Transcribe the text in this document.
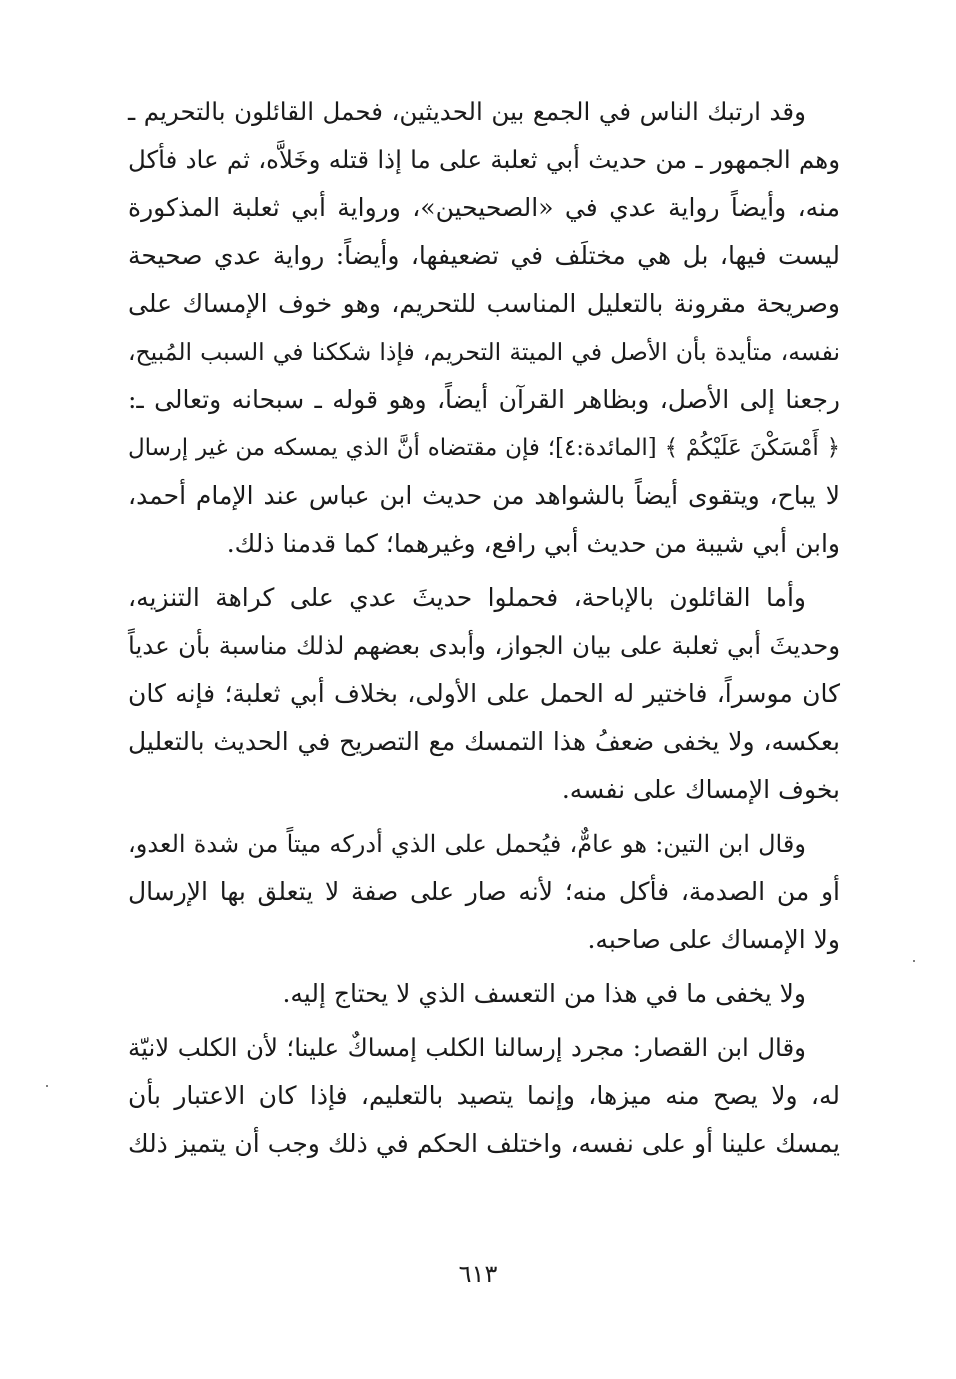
وقد ارتبك الناس في الجمع بين الحديثين، فحمل القائلون بالتحريم ـ
وهم الجمهور ـ من حديث أبي ثعلبة على ما إذا قتله وخَلاَّه، ثم عاد فأكل
منه، وأيضاً رواية عدي في «الصحيحين»، ورواية أبي ثعلبة المذكورة
ليست فيها، بل هي مختلَف في تضعيفها، وأيضاً: رواية عدي صحيحة
وصريحة مقرونة بالتعليل المناسب للتحريم، وهو خوف الإمساك على
نفسه، متأيدة بأن الأصل في الميتة التحريم، فإذا شككنا في السبب المُبيح،
رجعنا إلى الأصل، وبظاهر القرآن أيضاً، وهو قوله ـ سبحانه وتعالى ـ:
﴿ أَمْسَكْنَ عَلَيْكُمْ ﴾ [المائدة:٤]؛ فإن مقتضاه أنَّ الذي يمسكه من غير إرسال
لا يباح، ويتقوى أيضاً بالشواهد من حديث ابن عباس عند الإمام أحمد،
وابن أبي شيبة من حديث أبي رافع، وغيرهما؛ كما قدمنا ذلك.
وأما القائلون بالإباحة، فحملوا حديثَ عدي على كراهة التنزيه،
وحديثَ أبي ثعلبة على بيان الجواز، وأبدى بعضهم لذلك مناسبة بأن عدياً
كان موسراً، فاختير له الحمل على الأولى، بخلاف أبي ثعلبة؛ فإنه كان
بعكسه، ولا يخفى ضعفُ هذا التمسك مع التصريح في الحديث بالتعليل
بخوف الإمساك على نفسه.
وقال ابن التين: هو عامٌّ، فيُحمل على الذي أدركه ميتاً من شدة العدو،
أو من الصدمة، فأكل منه؛ لأنه صار على صفة لا يتعلق بها الإرسال
ولا الإمساك على صاحبه.
ولا يخفى ما في هذا من التعسف الذي لا يحتاج إليه.
وقال ابن القصار: مجرد إرسالنا الكلب إمساكٌ علينا؛ لأن الكلب لانيّة
له، ولا يصح منه ميزها، وإنما يتصيد بالتعليم، فإذا كان الاعتبار بأن
يمسك علينا أو على نفسه، واختلف الحكم في ذلك وجب أن يتميز ذلك
٦١٣
